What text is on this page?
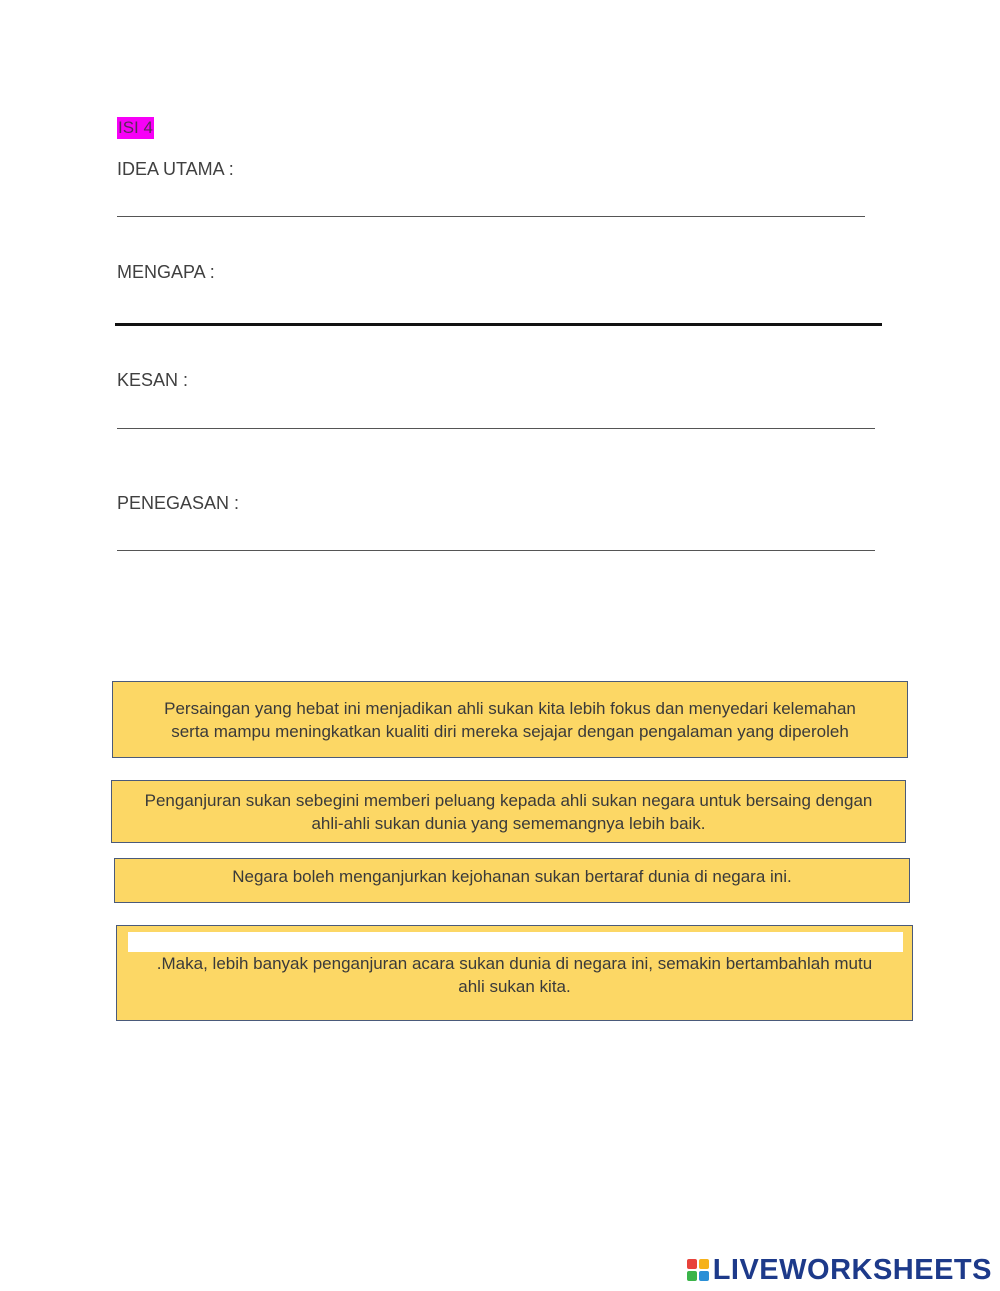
ISI 4
IDEA UTAMA :
MENGAPA :
KESAN :
PENEGASAN :
Persaingan yang hebat ini menjadikan ahli sukan kita lebih fokus dan menyedari kelemahan
serta mampu meningkatkan kualiti diri mereka sejajar dengan pengalaman yang diperoleh
Penganjuran sukan sebegini memberi peluang kepada ahli sukan negara untuk bersaing dengan
ahli-ahli sukan dunia yang sememangnya lebih baik.
Negara boleh menganjurkan kejohanan sukan bertaraf dunia di negara ini.
.Maka, lebih banyak penganjuran acara sukan dunia di negara ini, semakin bertambahlah mutu
ahli sukan kita.
LIVEWORKSHEETS
